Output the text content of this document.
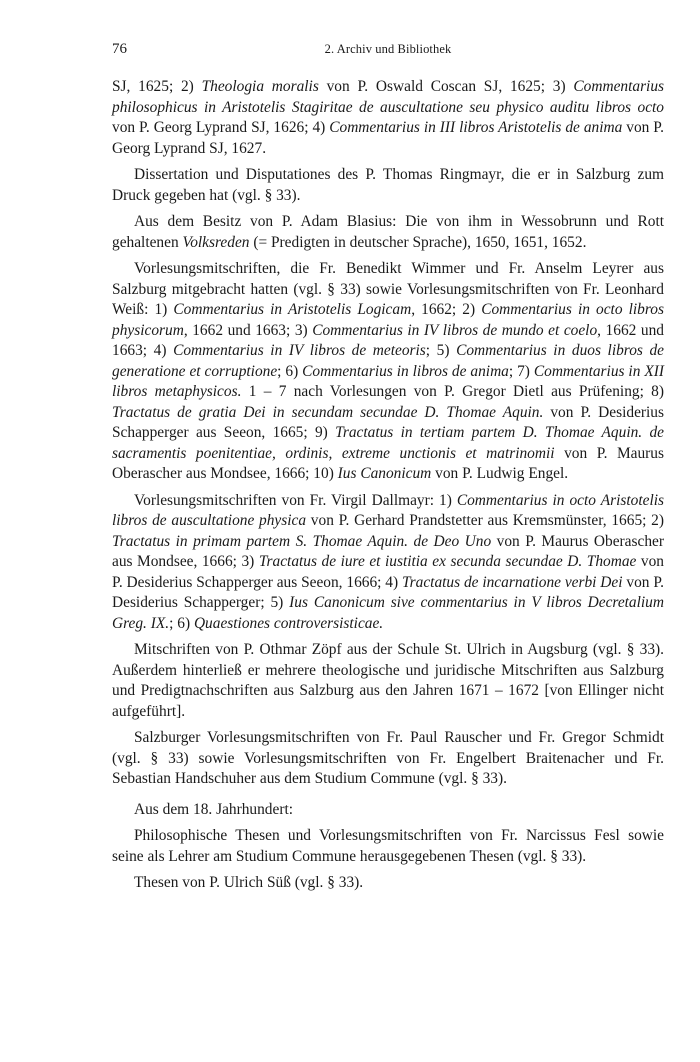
76	2. Archiv und Bibliothek

SJ, 1625; 2) Theologia moralis von P. Oswald Coscan SJ, 1625; 3) Commentarius philosophicus in Aristotelis Stagiritae de auscultatione seu physico auditu libros octo von P. Georg Lyprand SJ, 1626; 4) Commentarius in III libros Aristotelis de anima von P. Georg Lyprand SJ, 1627.

Dissertation und Disputationes des P. Thomas Ringmayr, die er in Salzburg zum Druck gegeben hat (vgl. § 33).

Aus dem Besitz von P. Adam Blasius: Die von ihm in Wessobrunn und Rott gehaltenen Volksreden (= Predigten in deutscher Sprache), 1650, 1651, 1652.

Vorlesungsmitschriften, die Fr. Benedikt Wimmer und Fr. Anselm Leyrer aus Salzburg mitgebracht hatten (vgl. § 33) sowie Vorlesungsmitschriften von Fr. Leonhard Weiß: 1) Commentarius in Aristotelis Logicam, 1662; 2) Commentarius in octo libros physicorum, 1662 und 1663; 3) Commentarius in IV libros de mundo et coelo, 1662 und 1663; 4) Commentarius in IV libros de meteoris; 5) Commentarius in duos libros de generatione et corruptione; 6) Commentarius in libros de anima; 7) Commentarius in XII libros metaphysicos. 1 – 7 nach Vorlesungen von P. Gregor Dietl aus Prüfening; 8) Tractatus de gratia Dei in secundam secundae D. Thomae Aquin. von P. Desiderius Schapperger aus Seeon, 1665; 9) Tractatus in tertiam partem D. Thomae Aquin. de sacramentis poenitentiae, ordinis, extreme unctionis et matrinomii von P. Maurus Oberascher aus Mondsee, 1666; 10) Ius Canonicum von P. Ludwig Engel.

Vorlesungsmitschriften von Fr. Virgil Dallmayr: 1) Commentarius in octo Aristotelis libros de auscultatione physica von P. Gerhard Prandstetter aus Kremsmünster, 1665; 2) Tractatus in primam partem S. Thomae Aquin. de Deo Uno von P. Maurus Oberascher aus Mondsee, 1666; 3) Tractatus de iure et iustitia ex secunda secundae D. Thomae von P. Desiderius Schapperger aus Seeon, 1666; 4) Tractatus de incarnatione verbi Dei von P. Desiderius Schapperger; 5) Ius Canonicum sive commentarius in V libros Decretalium Greg. IX.; 6) Quaestiones controversisticae.

Mitschriften von P. Othmar Zöpf aus der Schule St. Ulrich in Augsburg (vgl. § 33). Außerdem hinterließ er mehrere theologische und juridische Mitschriften aus Salzburg und Predigtnachschriften aus Salzburg aus den Jahren 1671 – 1672 [von Ellinger nicht aufgeführt].

Salzburger Vorlesungsmitschriften von Fr. Paul Rauscher und Fr. Gregor Schmidt (vgl. § 33) sowie Vorlesungsmitschriften von Fr. Engelbert Braitenacher und Fr. Sebastian Handschuher aus dem Studium Commune (vgl. § 33).

Aus dem 18. Jahrhundert:

Philosophische Thesen und Vorlesungsmitschriften von Fr. Narcissus Fesl sowie seine als Lehrer am Studium Commune herausgegebenen Thesen (vgl. § 33).

Thesen von P. Ulrich Süß (vgl. § 33).
